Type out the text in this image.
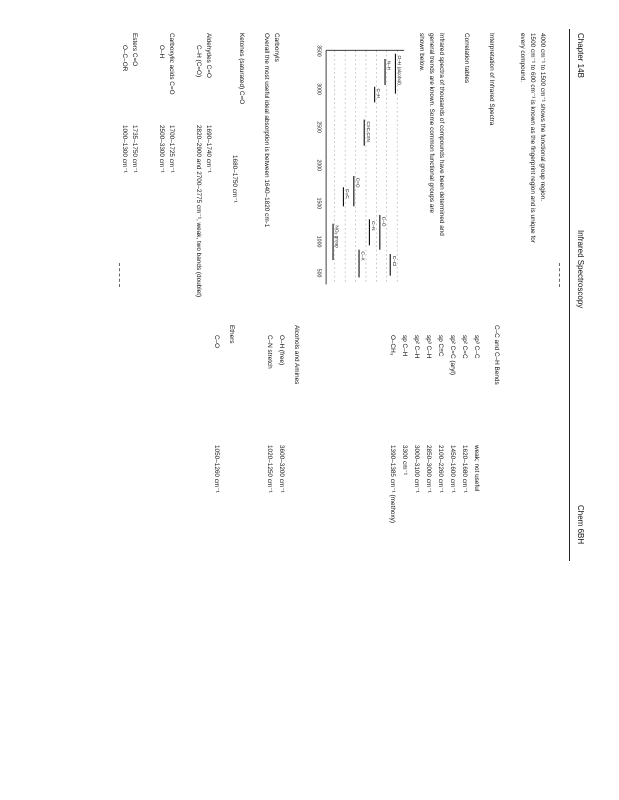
Chapter 14B
Infrared Spectroscopy
Chem 6BH
4000 cm⁻¹ to 1500 cm⁻¹ shows the functional group region.
1500 cm⁻¹ to 600 cm⁻¹ is known as the fingerprint region and is unique for
every compound.
Interpretation of Infrared Spectra
Correlation tables
Infrared spectra of thousands of compounds have been determined and
general trends are known. Some common functional groups are
shown below.
O–H (alcohol)
N–H
C–H
C≡C,C≡N
C=O
C=C
C–O
C–N
NO₂ group
C–Cl
C–X
3500
3000
2500
2000
1500
1000
500
Carbonyls
Overall the most useful ideal absorption is between 1640–1820 cm-1
Ketones (saturated) C=O
1680–1750 cm⁻¹
Aldehydes C=O
C–H (C=O)
1690–1740 cm⁻¹
2820–2900 and 2700–2775 cm⁻¹, weak, two bands (doublet)
Carboxylic acids C=O
O–H
1700–1725 cm⁻¹
2500–3300 cm⁻¹
Esters C=O
O–C–OR
1735–1750 cm⁻¹
1000–1300 cm⁻¹
C–C and C–H Bends
sp³ C–C
weak; not useful
sp² C=C
1620–1680 cm⁻¹
sp² C=C (aryl)
1450–1600 cm⁻¹
sp C≡C
2100–2260 cm⁻¹
sp³ C–H
2850–3000 cm⁻¹
sp² C–H
3000–3100 cm⁻¹
sp C–H
3300 cm⁻¹
O–CH₃
1390–1385 cm⁻¹ (methoxy)
Alcohols and Amines
O–H (free)
3600–3200 cm⁻¹
C–N stretch
1020–1250 cm⁻¹
Ethers
C–O
1050–1260 cm⁻¹
